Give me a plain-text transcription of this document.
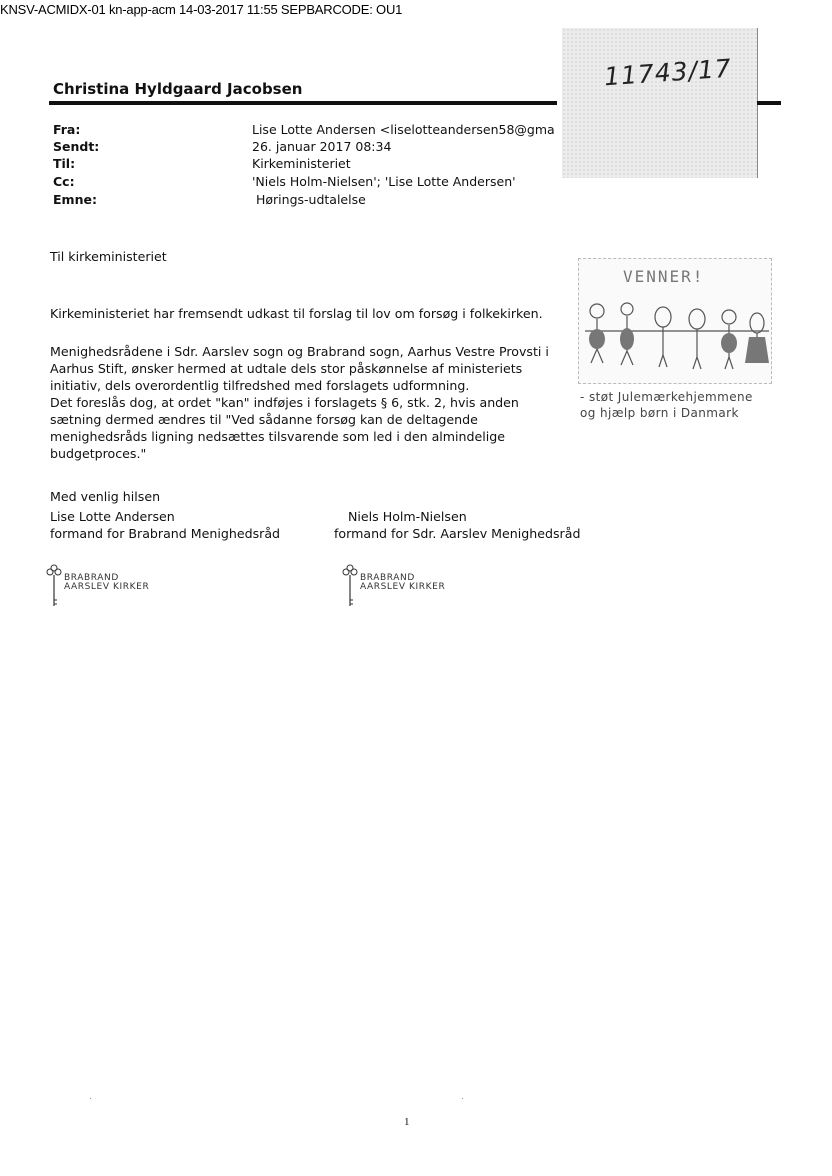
KNSV-ACMIDX-01 kn-app-acm 14-03-2017 11:55 SEPBARCODE: OU1
11743/17
Christina Hyldgaard Jacobsen
Fra:	Lise Lotte Andersen <liselotteandersen58@gma
Sendt:	26. januar 2017 08:34
Til:	Kirkeministeriet
Cc:	'Niels Holm-Nielsen'; 'Lise Lotte Andersen'
Emne:	Hørings-udtalelse
Til kirkeministeriet
Kirkeministeriet har fremsendt udkast til forslag til lov om forsøg i folkekirken.
Menighedsrådene i Sdr. Aarslev sogn og Brabrand sogn, Aarhus Vestre Provsti i
Aarhus Stift, ønsker hermed at udtale dels stor påskønnelse af ministeriets
initiativ, dels overordentlig tilfredshed med forslagets udformning.
Det foreslås dog, at ordet "kan" indføjes i forslagets § 6, stk. 2, hvis anden
sætning dermed ændres til "Ved sådanne forsøg kan de deltagende
menighedsråds ligning nedsættes tilsvarende som led i den almindelige
budgetproces."
Med venlig hilsen
Lise Lotte Andersen
formand for Brabrand Menighedsråd
Niels Holm-Nielsen
formand for Sdr. Aarslev Menighedsråd
BRABRAND
AARSLEV KIRKER
BRABRAND
AARSLEV KIRKER
VENNER!
- støt Julemærkehjemmene
og hjælp børn i Danmark
1
